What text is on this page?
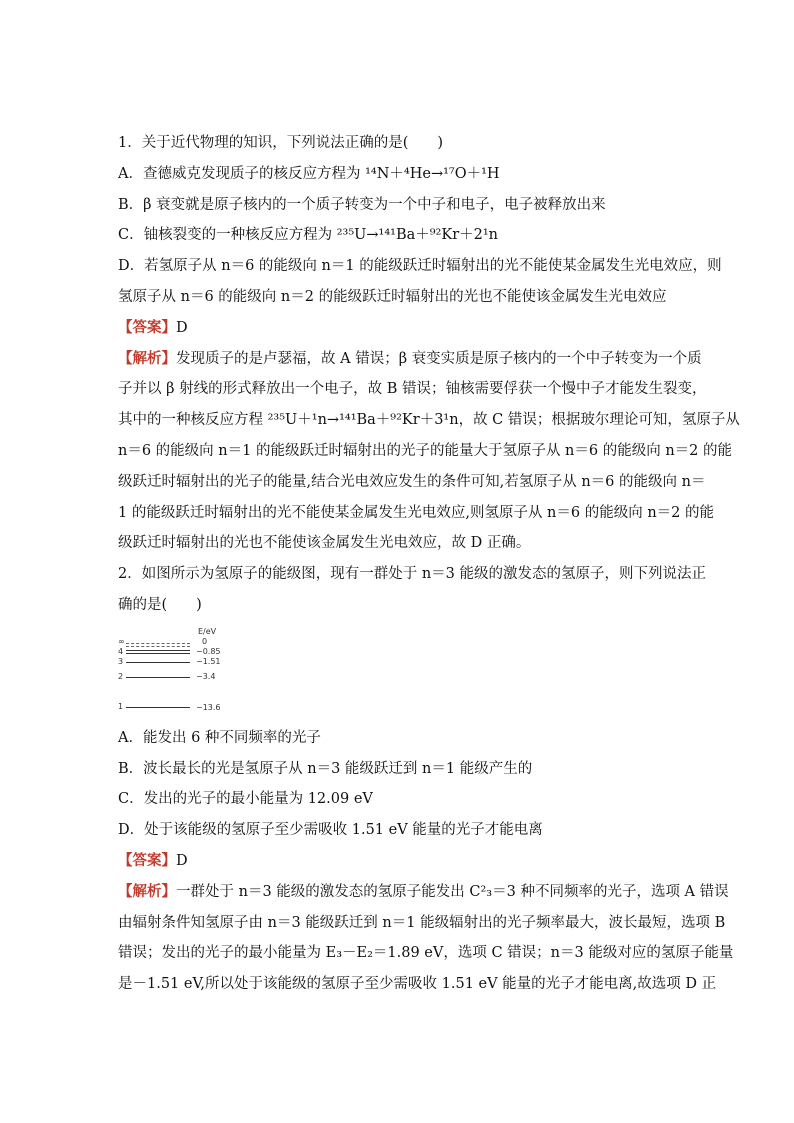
1．关于近代物理的知识，下列说法正确的是(　　)
A．查德威克发现质子的核反应方程为 ¹⁴N＋⁴He→¹⁷O＋¹H
B．β 衰变就是原子核内的一个质子转变为一个中子和电子，电子被释放出来
C．铀核裂变的一种核反应方程为 ²³⁵U→¹⁴¹Ba＋⁹²Kr＋2¹n
D．若氢原子从 n＝6 的能级向 n＝1 的能级跃迁时辐射出的光不能使某金属发生光电效应，则
氢原子从 n＝6 的能级向 n＝2 的能级跃迁时辐射出的光也不能使该金属发生光电效应
【答案】D
【解析】发现质子的是卢瑟福，故 A 错误；β 衰变实质是原子核内的一个中子转变为一个质
子并以 β 射线的形式释放出一个电子，故 B 错误；铀核需要俘获一个慢中子才能发生裂变，
其中的一种核反应方程 ²³⁵U＋¹n→¹⁴¹Ba＋⁹²Kr＋3¹n，故 C 错误；根据玻尔理论可知，氢原子从
n＝6 的能级向 n＝1 的能级跃迁时辐射出的光子的能量大于氢原子从 n＝6 的能级向 n＝2 的能
级跃迁时辐射出的光子的能量,结合光电效应发生的条件可知,若氢原子从 n＝6 的能级向 n＝
1 的能级跃迁时辐射出的光不能使某金属发生光电效应,则氢原子从 n＝6 的能级向 n＝2 的能
级跃迁时辐射出的光也不能使该金属发生光电效应，故 D 正确。
2．如图所示为氢原子的能级图，现有一群处于 n＝3 能级的激发态的氢原子，则下列说法正
确的是(　　)
E/eV
∞	0
4	−0.85
3	−1.51
2	−3.4
1	−13.6
A．能发出 6 种不同频率的光子
B．波长最长的光是氢原子从 n＝3 能级跃迁到 n＝1 能级产生的
C．发出的光子的最小能量为 12.09 eV
D．处于该能级的氢原子至少需吸收 1.51 eV 能量的光子才能电离
【答案】D
【解析】一群处于 n＝3 能级的激发态的氢原子能发出 C²₃＝3 种不同频率的光子，选项 A 错误
由辐射条件知氢原子由 n＝3 能级跃迁到 n＝1 能级辐射出的光子频率最大，波长最短，选项 B
错误；发出的光子的最小能量为 E₃－E₂＝1.89 eV，选项 C 错误；n＝3 能级对应的氢原子能量
是－1.51 eV,所以处于该能级的氢原子至少需吸收 1.51 eV 能量的光子才能电离,故选项 D 正
